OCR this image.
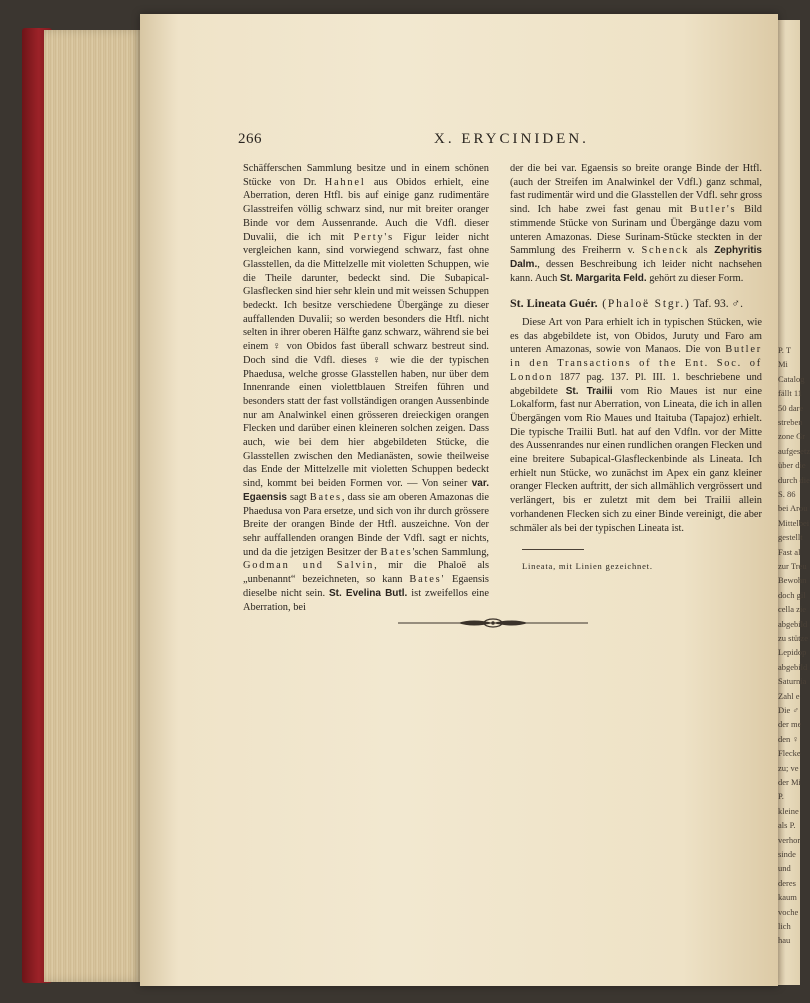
P. T
Mi
Catalog
fällt 11
50 dare
streben
zone Gr
aufgesetz
über die
durch die
S. 86
bei Arou
Mittelbei
gestellt
Fast al
zur Treu
Bewohn
doch gil
cella zie
abgebild
zu stütze
Lepidop
abgebild
Saturnia
Zahl e
Die ♂
der me
den ♀
Flecke
zu; ve
der Mi
P.
kleine
als P.
verhor
sinde
und
deres
kaum
voche
lich
hau
266	X. ERYCINIDEN.

Schäfferschen Sammlung besitze und in einem schönen Stücke von Dr. Hahnel aus Obidos erhielt, eine Aberration, deren Htfl. bis auf einige ganz rudimentäre Glasstreifen völlig schwarz sind, nur mit breiter oranger Binde vor dem Aussenrande. Auch die Vdfl. dieser Duvalii, die ich mit Perty's Figur leider nicht vergleichen kann, sind vorwiegend schwarz, fast ohne Glasstellen, da die Mittelzelle mit violetten Schuppen, wie die Theile darunter, bedeckt sind. Die Subapical-Glasflecken sind hier sehr klein und mit weissen Schuppen bedeckt. Ich besitze verschiedene Übergänge zu dieser auffallenden Duvalii; so werden besonders die Htfl. nicht selten in ihrer oberen Hälfte ganz schwarz, während sie bei einem ♀ von Obidos fast überall schwarz bestreut sind. Doch sind die Vdfl. dieses ♀ wie die der typischen Phaedusa, welche grosse Glasstellen haben, nur über dem Innenrande einen violettblauen Streifen führen und besonders statt der fast vollständigen orangen Aussenbinde nur am Analwinkel einen grösseren dreieckigen orangen Flecken und darüber einen kleineren solchen zeigen. Dass auch, wie bei dem hier abgebildeten Stücke, die Glasstellen zwischen den Medianästen, sowie theilweise das Ende der Mittelzelle mit violetten Schuppen bedeckt sind, kommt bei beiden Formen vor. — Von seiner var. Egaensis sagt Bates, dass sie am oberen Amazonas die Phaedusa von Para ersetze, und sich von ihr durch grössere Breite der orangen Binde der Htfl. auszeichne. Von der sehr auffallenden orangen Binde der Vdfl. sagt er nichts, und da die jetzigen Besitzer der Bates'schen Sammlung, Godman und Salvin, mir die Phaloë als „unbenannt“ bezeichneten, so kann Bates' Egaensis dieselbe nicht sein. St. Evelina Butl. ist zweifellos eine Aberration, bei

der die bei var. Egaensis so breite orange Binde der Htfl. (auch der Streifen im Analwinkel der Vdfl.) ganz schmal, fast rudimentär wird und die Glasstellen der Vdfl. sehr gross sind. Ich habe zwei fast genau mit Butler's Bild stimmende Stücke von Surinam und Übergänge dazu vom unteren Amazonas. Diese Surinam-Stücke steckten in der Sammlung des Freiherrn v. Schenck als Zephyritis Dalm., dessen Beschreibung ich leider nicht nachsehen kann. Auch St. Margarita Feld. gehört zu dieser Form.

St. Lineata Guér. (Phaloë Stgr.) Taf. 93. ♂.

Diese Art von Para erhielt ich in typischen Stücken, wie es das abgebildete ist, von Obidos, Juruty und Faro am unteren Amazonas, sowie von Manaos. Die von Butler in den Transactions of the Ent. Soc. of London 1877 pag. 137. Pl. III. 1. beschriebene und abgebildete St. Trailii vom Rio Maues ist nur eine Lokalform, fast nur Aberration, von Lineata, die ich in allen Übergängen vom Rio Maues und Itaituba (Tapajoz) erhielt. Die typische Trailii Butl. hat auf den Vdfln. vor der Mitte des Aussenrandes nur einen rundlichen orangen Flecken und eine breitere Subapical-Glasfleckenbinde als Lineata. Ich erhielt nun Stücke, wo zunächst im Apex ein ganz kleiner oranger Flecken auftritt, der sich allmählich vergrössert und verlängert, bis er zuletzt mit dem bei Trailii allein vorhandenen Flecken sich zu einer Binde vereinigt, die aber schmäler als bei der typischen Lineata ist.

Lineata, mit Linien gezeichnet.
